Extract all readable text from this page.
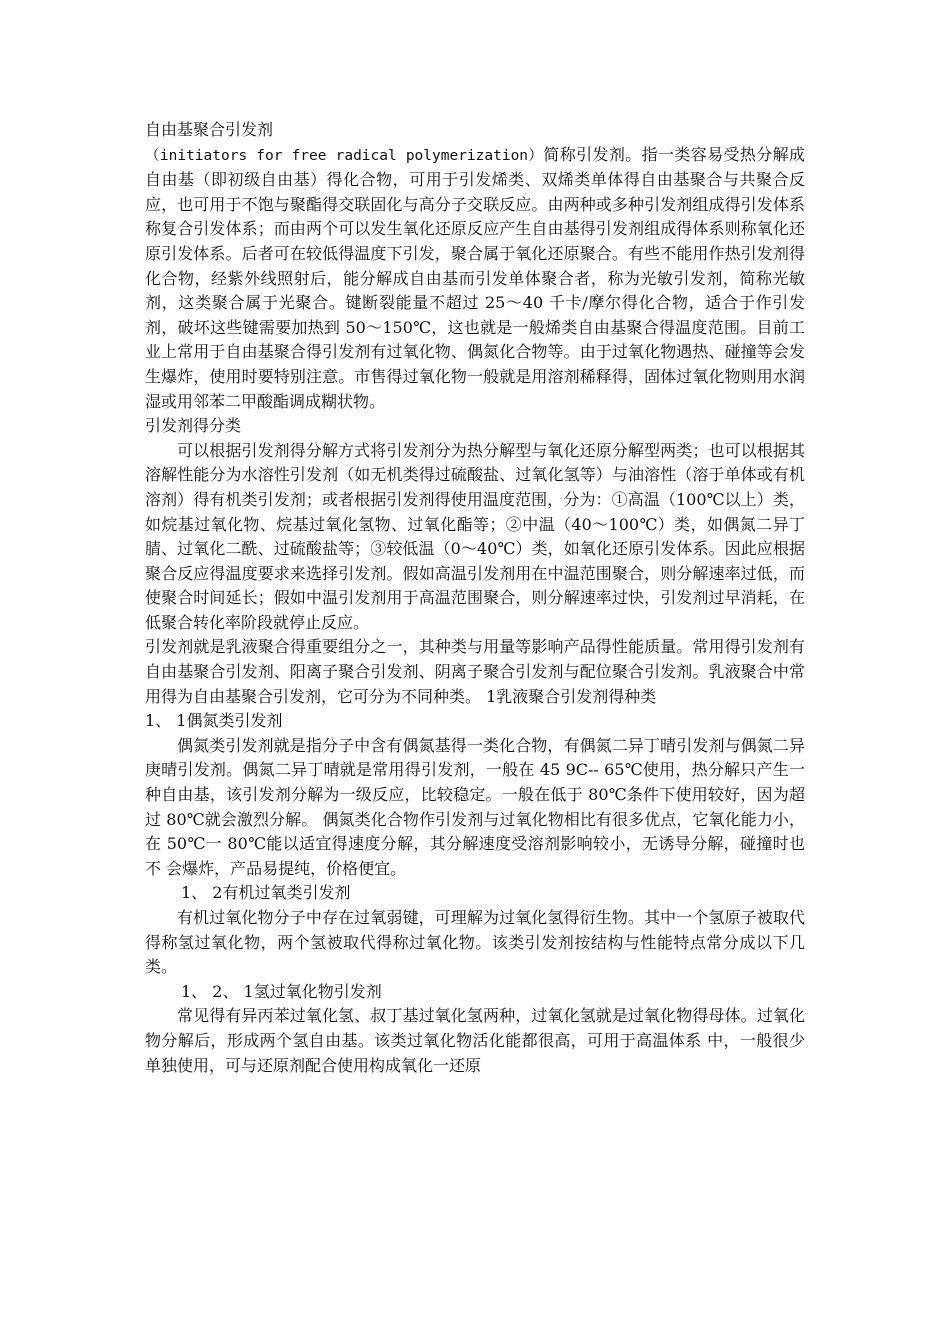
自由基聚合引发剂

（initiators for free radical polymerization）简称引发剂。指一类容易受热分解成自由基（即初级自由基）得化合物，可用于引发烯类、双烯类单体得自由基聚合与共聚合反应，也可用于不饱与聚酯得交联固化与高分子交联反应。由两种或多种引发剂组成得引发体系称复合引发体系；而由两个可以发生氧化还原反应产生自由基得引发剂组成得体系则称氧化还原引发体系。后者可在较低得温度下引发，聚合属于氧化还原聚合。有些不能用作热引发剂得化合物，经紫外线照射后，能分解成自由基而引发单体聚合者，称为光敏引发剂，简称光敏剂，这类聚合属于光聚合。键断裂能量不超过 25～40 千卡/摩尔得化合物，适合于作引发剂，破坏这些键需要加热到 50～150℃，这也就是一般烯类自由基聚合得温度范围。目前工业上常用于自由基聚合得引发剂有过氧化物、偶氮化合物等。由于过氧化物遇热、碰撞等会发生爆炸，使用时要特别注意。市售得过氧化物一般就是用溶剂稀释得，固体过氧化物则用水润湿或用邻苯二甲酸酯调成糊状物。

引发剂得分类

可以根据引发剂得分解方式将引发剂分为热分解型与氧化还原分解型两类；也可以根据其溶解性能分为水溶性引发剂（如无机类得过硫酸盐、过氧化氢等）与油溶性（溶于单体或有机溶剂）得有机类引发剂；或者根据引发剂得使用温度范围，分为：①高温（100℃以上）类，如烷基过氧化物、烷基过氧化氢物、过氧化酯等；②中温（40～100℃）类，如偶氮二异丁腈、过氧化二酰、过硫酸盐等；③较低温（0～40℃）类，如氧化还原引发体系。因此应根据聚合反应得温度要求来选择引发剂。假如高温引发剂用在中温范围聚合，则分解速率过低，而使聚合时间延长；假如中温引发剂用于高温范围聚合，则分解速率过快，引发剂过早消耗，在低聚合转化率阶段就停止反应。

引发剂就是乳液聚合得重要组分之一，其种类与用量等影响产品得性能质量。常用得引发剂有自由基聚合引发剂、阳离子聚合引发剂、阴离子聚合引发剂与配位聚合引发剂。乳液聚合中常用得为自由基聚合引发剂，它可分为不同种类。 1乳液聚合引发剂得种类

1、 1偶氮类引发剂

偶氮类引发剂就是指分子中含有偶氮基得一类化合物，有偶氮二异丁晴引发剂与偶氮二异庚晴引发剂。偶氮二异丁晴就是常用得引发剂，一般在 45 9C-- 65℃使用，热分解只产生一种自由基，该引发剂分解为一级反应，比较稳定。一般在低于 80℃条件下使用较好，因为超过 80℃就会激烈分解。 偶氮类化合物作引发剂与过氧化物相比有很多优点，它氧化能力小，在 50℃一 80℃能以适宜得速度分解，其分解速度受溶剂影响较小，无诱导分解，碰撞时也不 会爆炸，产品易提纯，价格便宜。

1、 2有机过氧类引发剂

有机过氧化物分子中存在过氧弱键，可理解为过氧化氢得衍生物。其中一个氢原子被取代得称氢过氧化物，两个氢被取代得称过氧化物。该类引发剂按结构与性能特点常分成以下几类。

1、 2、 1氢过氧化物引发剂

常见得有异丙苯过氧化氢、叔丁基过氧化氢两种，过氧化氢就是过氧化物得母体。过氧化物分解后，形成两个氢自由基。该类过氧化物活化能都很高，可用于高温体系 中，一般很少单独使用，可与还原剂配合使用构成氧化一还原
